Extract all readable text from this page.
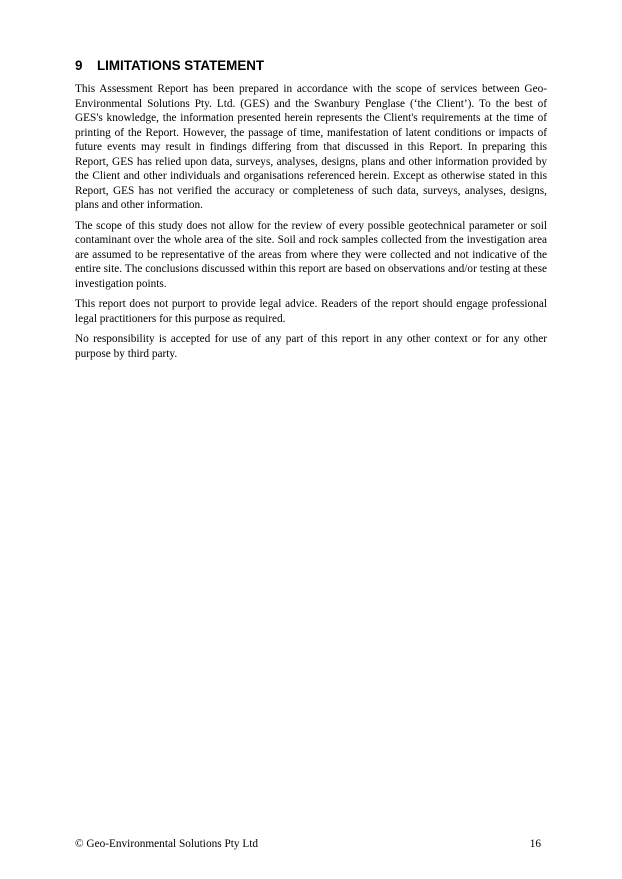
9 LIMITATIONS STATEMENT

This Assessment Report has been prepared in accordance with the scope of services between Geo-Environmental Solutions Pty. Ltd. (GES) and the Swanbury Penglase (‘the Client’). To the best of GES's knowledge, the information presented herein represents the Client's requirements at the time of printing of the Report. However, the passage of time, manifestation of latent conditions or impacts of future events may result in findings differing from that discussed in this Report. In preparing this Report, GES has relied upon data, surveys, analyses, designs, plans and other information provided by the Client and other individuals and organisations referenced herein. Except as otherwise stated in this Report, GES has not verified the accuracy or completeness of such data, surveys, analyses, designs, plans and other information.

The scope of this study does not allow for the review of every possible geotechnical parameter or soil contaminant over the whole area of the site. Soil and rock samples collected from the investigation area are assumed to be representative of the areas from where they were collected and not indicative of the entire site. The conclusions discussed within this report are based on observations and/or testing at these investigation points.

This report does not purport to provide legal advice. Readers of the report should engage professional legal practitioners for this purpose as required.

No responsibility is accepted for use of any part of this report in any other context or for any other purpose by third party.

© Geo-Environmental Solutions Pty Ltd	16
